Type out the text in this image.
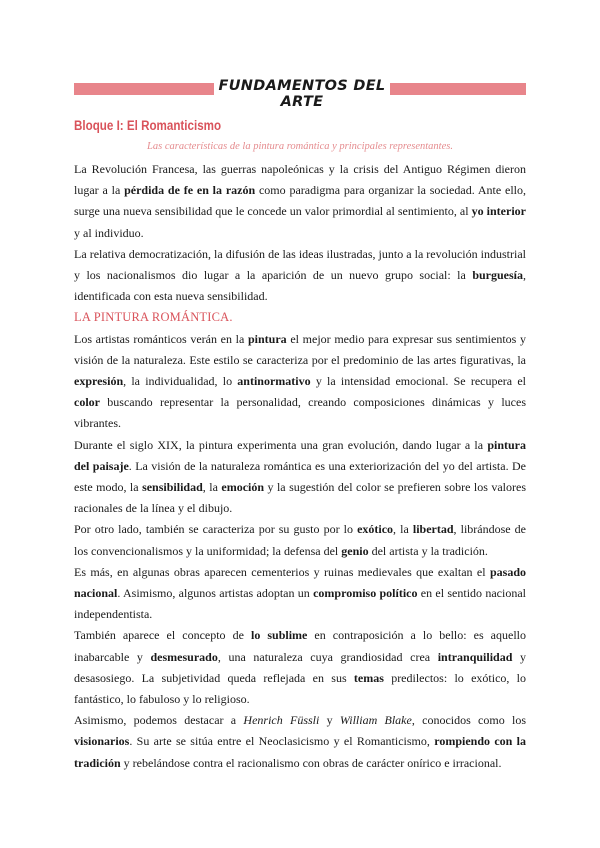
FUNDAMENTOS DEL ARTE
Bloque I: El Romanticismo
Las características de la pintura romántica y principales representantes.

La Revolución Francesa, las guerras napoleónicas y la crisis del Antiguo Régimen dieron lugar a la pérdida de fe en la razón como paradigma para organizar la sociedad. Ante ello, surge una nueva sensibilidad que le concede un valor primordial al sentimiento, al yo interior y al individuo.

La relativa democratización, la difusión de las ideas ilustradas, junto a la revolución industrial y los nacionalismos dio lugar a la aparición de un nuevo grupo social: la burguesía, identificada con esta nueva sensibilidad.

LA PINTURA ROMÁNTICA.

Los artistas románticos verán en la pintura el mejor medio para expresar sus sentimientos y visión de la naturaleza. Este estilo se caracteriza por el predominio de las artes figurativas, la expresión, la individualidad, lo antinormativo y la intensidad emocional. Se recupera el color buscando representar la personalidad, creando composiciones dinámicas y luces vibrantes.

Durante el siglo XIX, la pintura experimenta una gran evolución, dando lugar a la pintura del paisaje. La visión de la naturaleza romántica es una exteriorización del yo del artista. De este modo, la sensibilidad, la emoción y la sugestión del color se prefieren sobre los valores racionales de la línea y el dibujo.

Por otro lado, también se caracteriza por su gusto por lo exótico, la libertad, librándose de los convencionalismos y la uniformidad; la defensa del genio del artista y la tradición.

Es más, en algunas obras aparecen cementerios y ruinas medievales que exaltan el pasado nacional. Asimismo, algunos artistas adoptan un compromiso político en el sentido nacional independentista.

También aparece el concepto de lo sublime en contraposición a lo bello: es aquello inabarcable y desmesurado, una naturaleza cuya grandiosidad crea intranquilidad y desasosiego. La subjetividad queda reflejada en sus temas predilectos: lo exótico, lo fantástico, lo fabuloso y lo religioso.

Asimismo, podemos destacar a Henrich Füssli y William Blake, conocidos como los visionarios. Su arte se sitúa entre el Neoclasicismo y el Romanticismo, rompiendo con la tradición y rebelándose contra el racionalismo con obras de carácter onírico e irracional.
